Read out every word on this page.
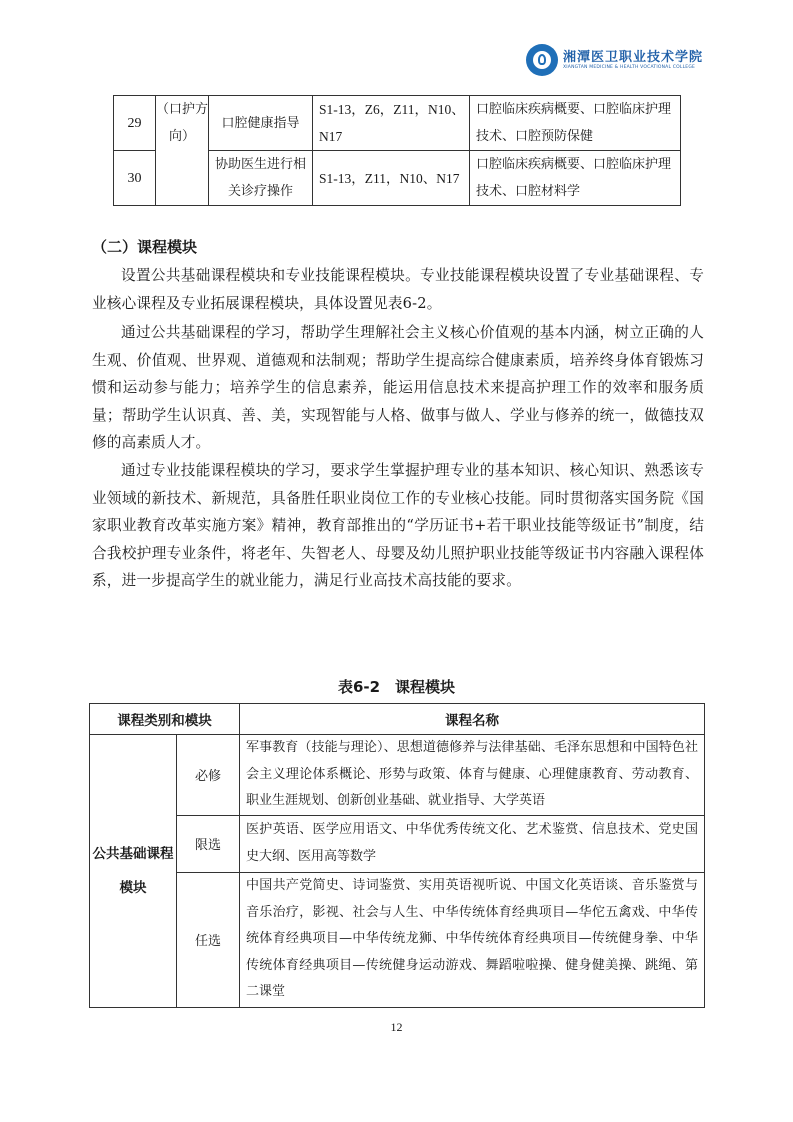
湘潭医卫职业技术学院
XIANGTAN MEDICINE & HEALTH VOCATIONAL COLLEGE
29	（口护方向）	口腔健康指导	S1-13，Z6，Z11，N10、N17	口腔临床疾病概要、口腔临床护理技术、口腔预防保健
30		协助医生进行相关诊疗操作	S1-13，Z11，N10、N17	口腔临床疾病概要、口腔临床护理技术、口腔材料学
（二）课程模块

设置公共基础课程模块和专业技能课程模块。专业技能课程模块设置了专业基础课程、专业核心课程及专业拓展课程模块，具体设置见表6-2。

通过公共基础课程的学习，帮助学生理解社会主义核心价值观的基本内涵，树立正确的人生观、价值观、世界观、道德观和法制观；帮助学生提高综合健康素质，培养终身体育锻炼习惯和运动参与能力；培养学生的信息素养，能运用信息技术来提高护理工作的效率和服务质量；帮助学生认识真、善、美，实现智能与人格、做事与做人、学业与修养的统一，做德技双修的高素质人才。

通过专业技能课程模块的学习，要求学生掌握护理专业的基本知识、核心知识、熟悉该专业领域的新技术、新规范，具备胜任职业岗位工作的专业核心技能。同时贯彻落实国务院《国家职业教育改革实施方案》精神，教育部推出的“学历证书+若干职业技能等级证书”制度，结合我校护理专业条件，将老年、失智老人、母婴及幼儿照护职业技能等级证书内容融入课程体系，进一步提高学生的就业能力，满足行业高技术高技能的要求。

表6-2　课程模块
课程类别和模块		课程名称
公共基础课程模块	必修	军事教育（技能与理论）、思想道德修养与法律基础、毛泽东思想和中国特色社会主义理论体系概论、形势与政策、体育与健康、心理健康教育、劳动教育、职业生涯规划、创新创业基础、就业指导、大学英语
	限选	医护英语、医学应用语文、中华优秀传统文化、艺术鉴赏、信息技术、党史国史大纲、医用高等数学
	任选	中国共产党简史、诗词鉴赏、实用英语视听说、中国文化英语谈、音乐鉴赏与音乐治疗，影视、社会与人生、中华传统体育经典项目—华佗五禽戏、中华传统体育经典项目—中华传统龙狮、中华传统体育经典项目—传统健身拳、中华传统体育经典项目—传统健身运动游戏、舞蹈啦啦操、健身健美操、跳绳、第二课堂
12
